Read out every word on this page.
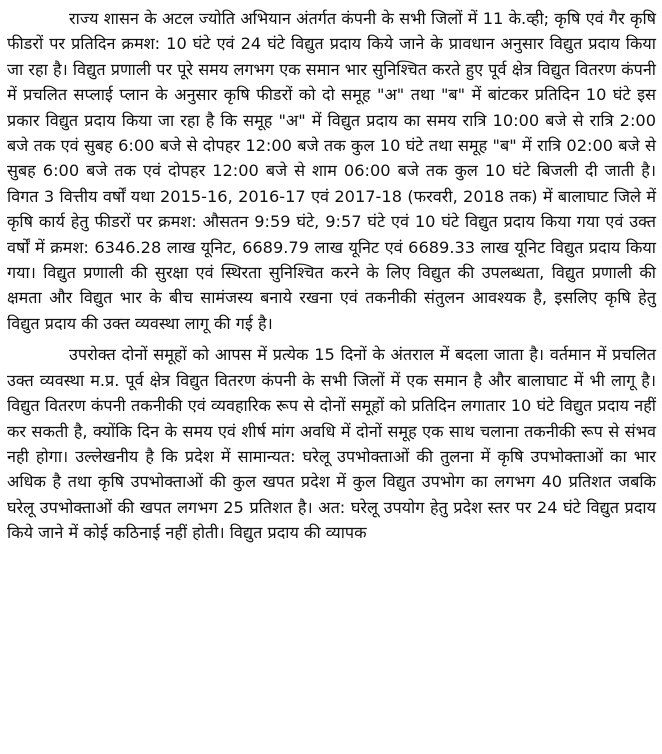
राज्य शासन के अटल ज्योति अभियान अंतर्गत कंपनी के सभी जिलों में 11 के.व्ही; कृषि एवं गैर कृषि फीडरों पर प्रतिदिन क्रमश: 10 घंटे एवं 24 घंटे विद्युत प्रदाय किये जाने के प्रावधान अनुसार विद्युत प्रदाय किया जा रहा है। विद्युत प्रणाली पर पूरे समय लगभग एक समान भार सुनिश्चित करते हुए पूर्व क्षेत्र विद्युत वितरण कंपनी में प्रचलित सप्लाई प्लान के अनुसार कृषि फीडरों को दो समूह "अ" तथा "ब" में बांटकर प्रतिदिन 10 घंटे इस प्रकार विद्युत प्रदाय किया जा रहा है कि समूह "अ" में विद्युत प्रदाय का समय रात्रि 10:00 बजे से रात्रि 2:00 बजे तक एवं सुबह 6:00 बजे से दोपहर 12:00 बजे तक कुल 10 घंटे तथा समूह "ब" में रात्रि 02:00 बजे से सुबह 6:00 बजे तक एवं दोपहर 12:00 बजे से शाम 06:00 बजे तक कुल 10 घंटे बिजली दी जाती है। विगत 3 वित्तीय वर्षों यथा 2015-16, 2016-17 एवं 2017-18 (फरवरी, 2018 तक) में बालाघाट जिले में कृषि कार्य हेतु फीडरों पर क्रमश: औसतन 9:59 घंटे, 9:57 घंटे एवं 10 घंटे विद्युत प्रदाय किया गया एवं उक्त वर्षों में क्रमश: 6346.28 लाख यूनिट, 6689.79 लाख यूनिट एवं 6689.33 लाख यूनिट विद्युत प्रदाय किया गया। विद्युत प्रणाली की सुरक्षा एवं स्थिरता सुनिश्चित करने के लिए विद्युत की उपलब्धता, विद्युत प्रणाली की क्षमता और विद्युत भार के बीच सामंजस्य बनाये रखना एवं तकनीकी संतुलन आवश्यक है, इसलिए कृषि हेतु विद्युत प्रदाय की उक्त व्यवस्था लागू की गई है।

उपरोक्त दोनों समूहों को आपस में प्रत्येक 15 दिनों के अंतराल में बदला जाता है। वर्तमान में प्रचलित उक्त व्यवस्था म.प्र. पूर्व क्षेत्र विद्युत वितरण कंपनी के सभी जिलों में एक समान है और बालाघाट में भी लागू है। विद्युत वितरण कंपनी तकनीकी एवं व्यवहारिक रूप से दोनों समूहों को प्रतिदिन लगातार 10 घंटे विद्युत प्रदाय नहीं कर सकती है, क्योंकि दिन के समय एवं शीर्ष मांग अवधि में दोनों समूह एक साथ चलाना तकनीकी रूप से संभव नही होगा। उल्लेखनीय है कि प्रदेश में सामान्यत: घरेलू उपभोक्ताओं की तुलना में कृषि उपभोक्ताओं का भार अधिक है तथा कृषि उपभोक्ताओं की कुल खपत प्रदेश में कुल विद्युत उपभोग का लगभग 40 प्रतिशत जबकि घरेलू उपभोक्ताओं की खपत लगभग 25 प्रतिशत है। अत: घरेलू उपयोग हेतु प्रदेश स्तर पर 24 घंटे विद्युत प्रदाय किये जाने में कोई कठिनाई नहीं होती। विद्युत प्रदाय की व्यापक
